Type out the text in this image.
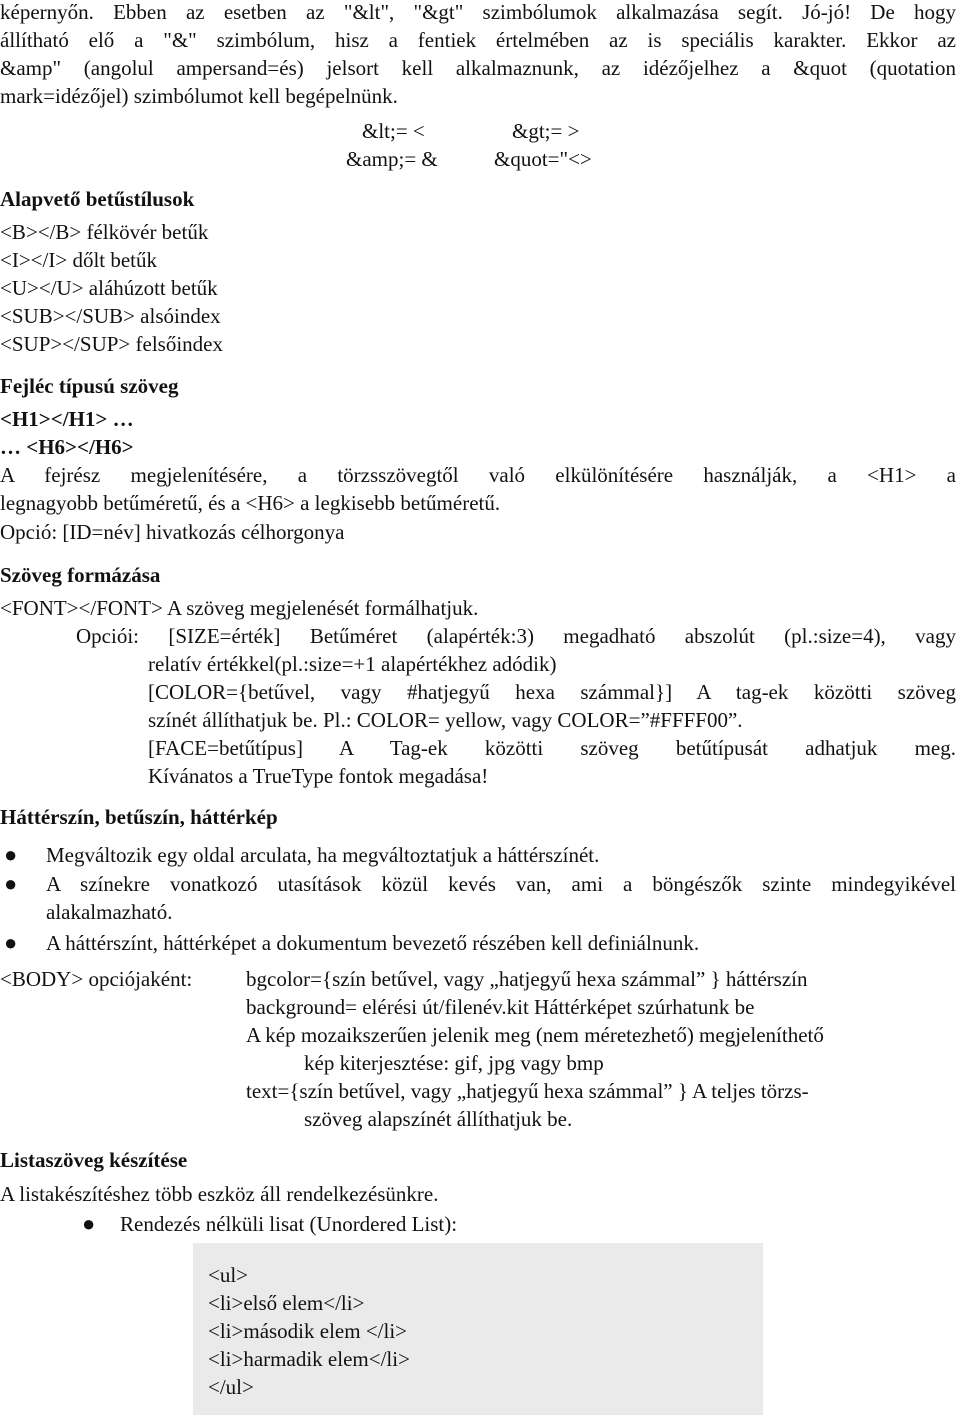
képernyőn. Ebben az esetben az "&lt", "&gt" szimbólumok alkalmazása segít. Jó-jó! De hogy
állítható elő a "&" szimbólum, hisz a fentiek értelmében az is speciális karakter. Ekkor az
&amp" (angolul ampersand=és) jelsort kell alkalmaznunk, az idézőjelhez a &quot (quotation
mark=idézőjel) szimbólumot kell begépelnünk.
&lt;= <	&gt;= >
&amp;= &	&quot="<>
Alapvető betűstílusok
<B></B> félkövér betűk
<I></I> dőlt betűk
<U></U> aláhúzott betűk
<SUB></SUB> alsóindex
<SUP></SUP> felsőindex
Fejléc típusú szöveg
<H1></H1> …
… <H6></H6>
A fejrész megjelenítésére, a törzsszövegtől való elkülönítésére használják, a <H1> a
legnagyobb betűméretű, és a <H6> a legkisebb betűméretű.
Opció: [ID=név] hivatkozás célhorgonya
Szöveg formázása
<FONT></FONT> A szöveg megjelenését formálhatjuk.
Opciói: [SIZE=érték] Betűméret (alapérték:3) megadható abszolút (pl.:size=4), vagy
relatív értékkel(pl.:size=+1 alapértékhez adódik)
[COLOR={betűvel, vagy #hatjegyű hexa számmal}] A tag-ek közötti szöveg
színét állíthatjuk be. Pl.: COLOR= yellow, vagy COLOR=”#FFFF00”.
[FACE=betűtípus] A Tag-ek közötti szöveg betűtípusát adhatjuk meg.
Kívánatos a TrueType fontok megadása!
Háttérszín, betűszín, háttérkép
●	Megváltozik egy oldal arculata, ha megváltoztatjuk a háttérszínét.
●	A színekre vonatkozó utasítások közül kevés van, ami a böngészők szinte mindegyikével
alakalmazható.
●	A háttérszínt, háttérképet a dokumentum bevezető részében kell definiálnunk.
<BODY> opciójaként:	bgcolor={szín betűvel, vagy „hatjegyű hexa számmal” } háttérszín
background= elérési út/filenév.kit Háttérképet szúrhatunk be
A kép mozaikszerűen jelenik meg (nem méretezhető) megjeleníthető
kép kiterjesztése: gif, jpg vagy bmp
text={szín betűvel, vagy „hatjegyű hexa számmal” } A teljes törzs-
szöveg alapszínét állíthatjuk be.
Listaszöveg készítése
A listakészítéshez több eszköz áll rendelkezésünkre.
●	Rendezés nélküli lisat (Unordered List):
<ul>
<li>első elem</li>
<li>második elem </li>
<li>harmadik elem</li>
</ul>
